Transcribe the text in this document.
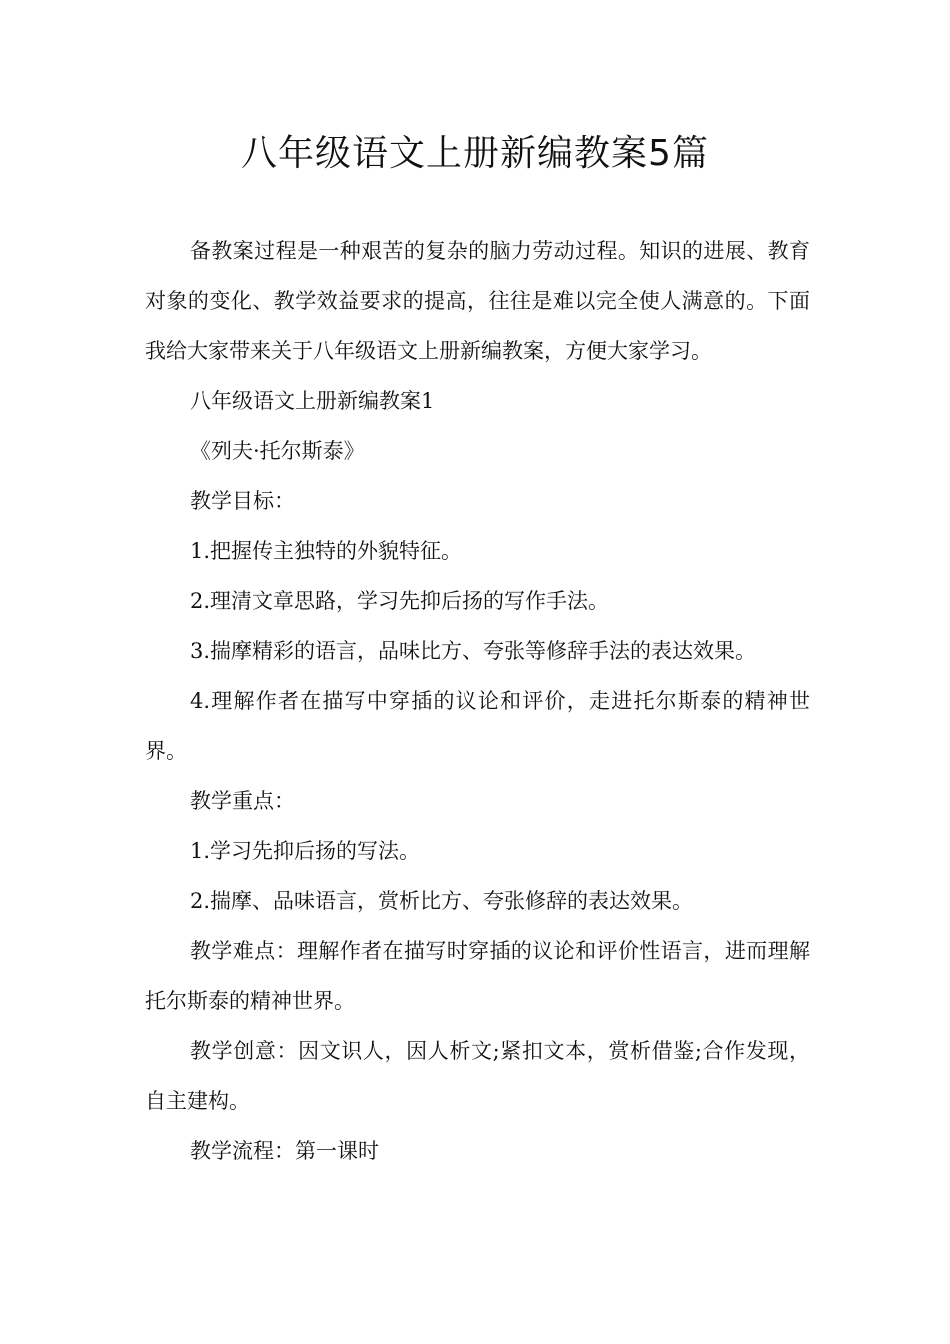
八年级语文上册新编教案5篇

备教案过程是一种艰苦的复杂的脑力劳动过程。知识的进展、教育对象的变化、教学效益要求的提高，往往是难以完全使人满意的。下面我给大家带来关于八年级语文上册新编教案，方便大家学习。

八年级语文上册新编教案1

《列夫·托尔斯泰》

教学目标：

1.把握传主独特的外貌特征。

2.理清文章思路，学习先抑后扬的写作手法。

3.揣摩精彩的语言，品味比方、夸张等修辞手法的表达效果。

4.理解作者在描写中穿插的议论和评价，走进托尔斯泰的精神世界。

教学重点：

1.学习先抑后扬的写法。

2.揣摩、品味语言，赏析比方、夸张修辞的表达效果。

教学难点：理解作者在描写时穿插的议论和评价性语言，进而理解托尔斯泰的精神世界。

教学创意：因文识人，因人析文;紧扣文本，赏析借鉴;合作发现，自主建构。

教学流程：第一课时
